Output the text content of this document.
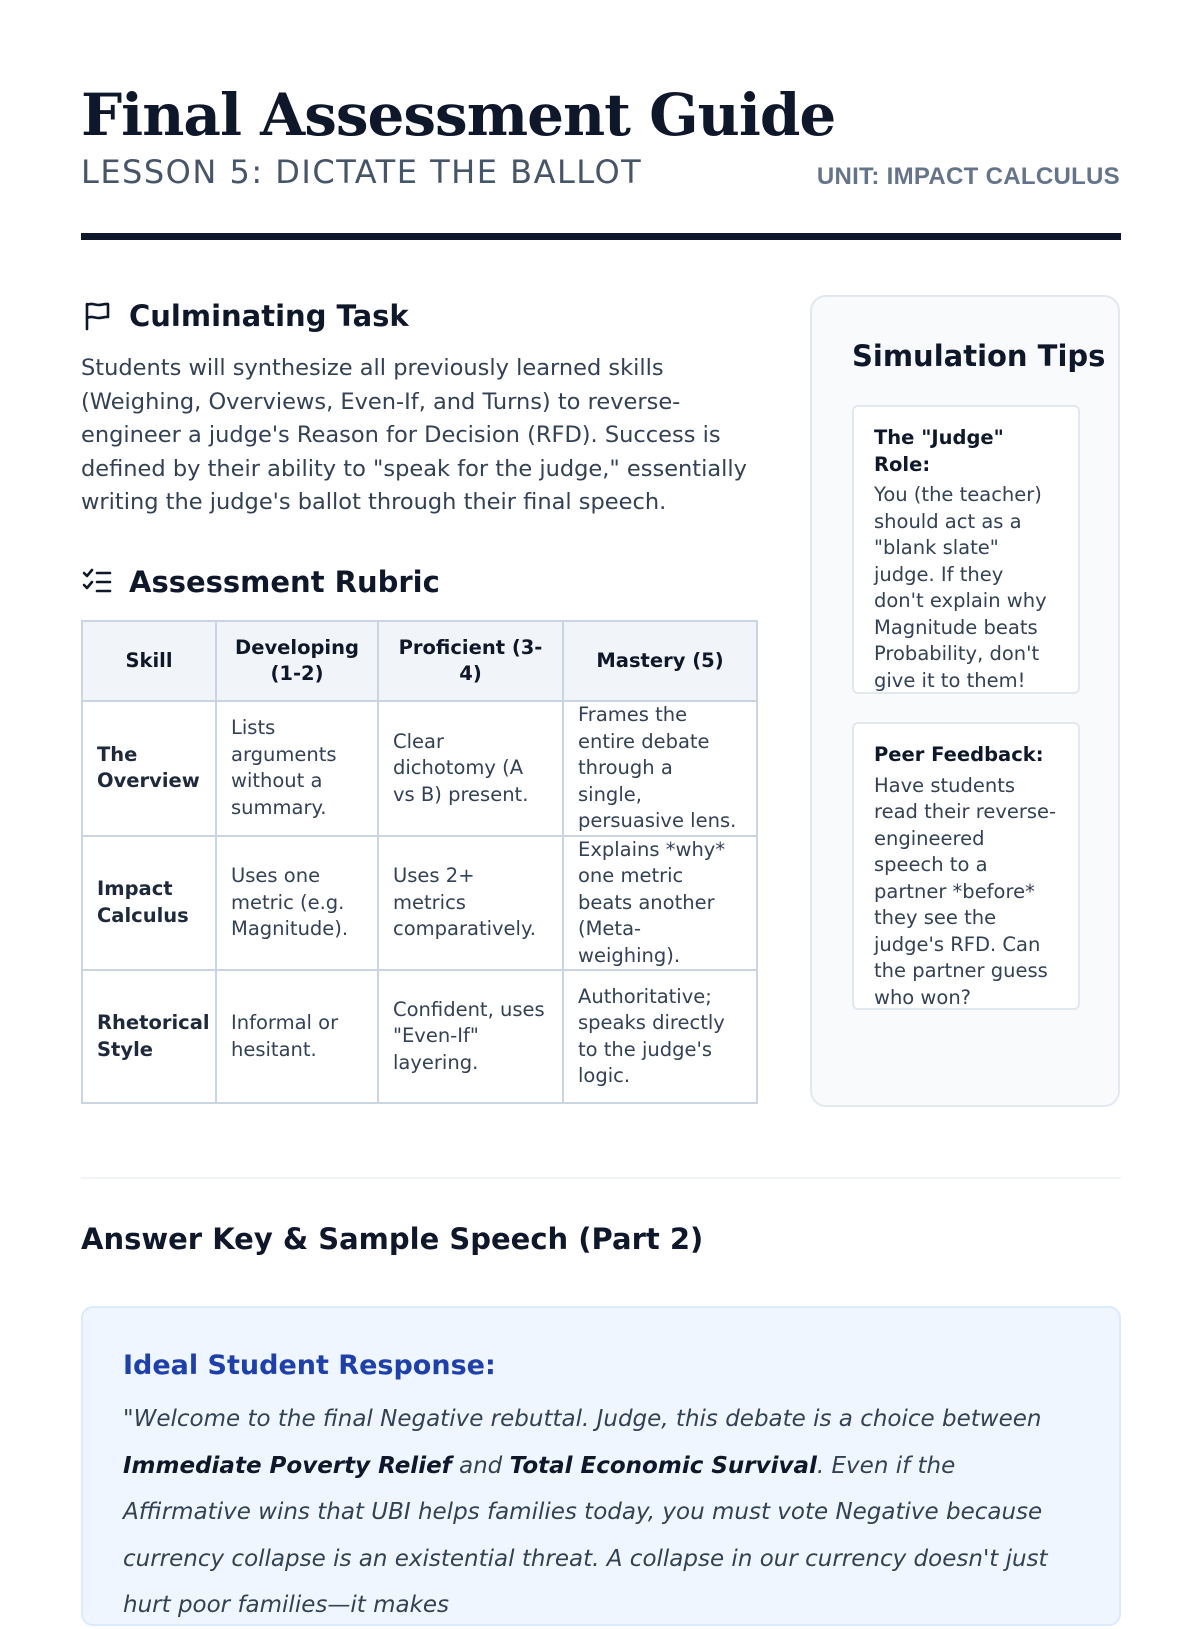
Final Assessment Guide
LESSON 5: DICTATE THE BALLOT	UNIT: IMPACT CALCULUS
Culminating Task

Students will synthesize all previously learned skills (Weighing, Overviews, Even-If, and Turns) to reverse-engineer a judge's Reason for Decision (RFD). Success is defined by their ability to "speak for the judge," essentially writing the judge's ballot through their final speech.

Assessment Rubric
Skill	Developing (1-2)	Proficient (3-4)	Mastery (5)
The Overview	Lists arguments without a summary.	Clear dichotomy (A vs B) present.	Frames the entire debate through a single, persuasive lens.
Impact Calculus	Uses one metric (e.g. Magnitude).	Uses 2+ metrics comparatively.	Explains *why* one metric beats another (Meta-weighing).
Rhetorical Style	Informal or hesitant.	Confident, uses "Even-If" layering.	Authoritative; speaks directly to the judge's logic.
Simulation Tips
The "Judge" Role:
You (the teacher) should act as a "blank slate" judge. If they don't explain why Magnitude beats Probability, don't give it to them!
Peer Feedback:
Have students read their reverse-engineered speech to a partner *before* they see the judge's RFD. Can the partner guess who won?
Answer Key & Sample Speech (Part 2)
Ideal Student Response:

"Welcome to the final Negative rebuttal. Judge, this debate is a choice between Immediate Poverty Relief and Total Economic Survival. Even if the Affirmative wins that UBI helps families today, you must vote Negative because currency collapse is an existential threat. A collapse in our currency doesn't just hurt poor families—it makes
